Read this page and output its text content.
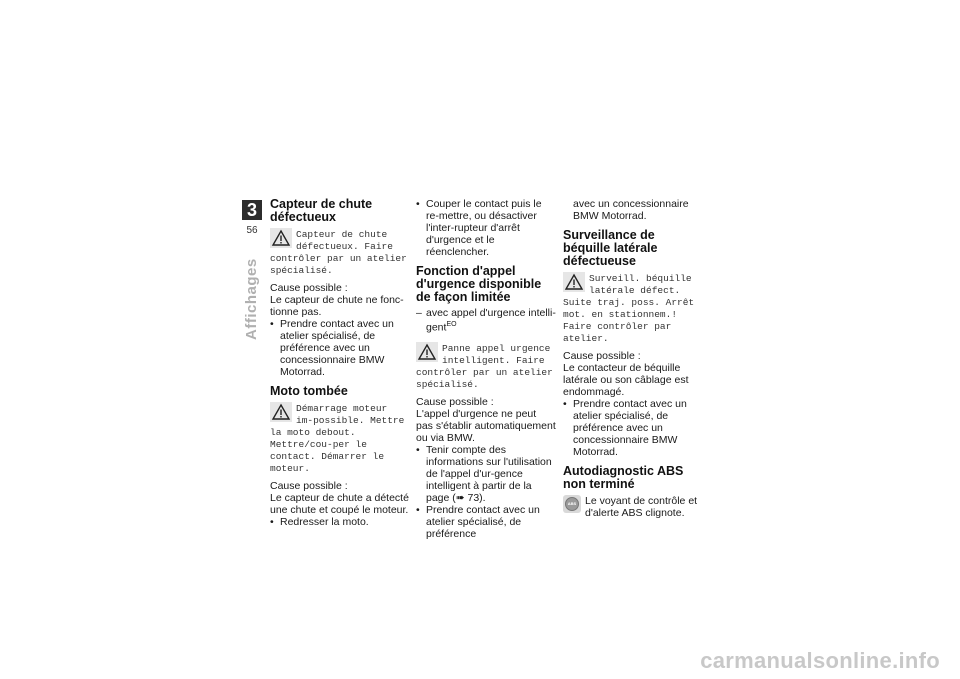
3
56
Affichages
Capteur de chute défectueux
Capteur de chute défectueux. Faire contrôler par un atelier spécialisé.

Cause possible :

Le capteur de chute ne fonc-tionne pas.

• Prendre contact avec un atelier spécialisé, de préférence avec un concessionnaire BMW Motorrad.

Moto tombée
Démarrage moteur im-possible. Mettre la moto debout. Mettre/cou-per le contact. Démarrer le moteur.

Cause possible :

Le capteur de chute a détecté une chute et coupé le moteur.

• Redresser la moto.

• Couper le contact puis le re-mettre, ou désactiver l'inter-rupteur d'arrêt d'urgence et le réenclencher.

Fonction d'appel d'urgence disponible de façon limitée

– avec appel d'urgence intelli-gent$^{EO}$

Panne appel urgence intelligent. Faire contrôler par un atelier spécialisé.

Cause possible :

L'appel d'urgence ne peut pas s'établir automatiquement ou via BMW.

• Tenir compte des informations sur l'utilisation de l'appel d'ur-gence intelligent à partir de la page (➠ 73).

• Prendre contact avec un atelier spécialisé, de préférence

avec un concessionnaire BMW Motorrad.

Surveillance de béquille latérale défectueuse
Surveill. béquille latérale défect. Suite traj. poss. Arrêt mot. en stationnem.! Faire contrôler par atelier.

Cause possible :

Le contacteur de béquille latérale ou son câblage est endommagé.

• Prendre contact avec un atelier spécialisé, de préférence avec un concessionnaire BMW Motorrad.

Autodiagnostic ABS non terminé
ABS Le voyant de contrôle et d'alerte ABS clignote.
carmanualsonline.info
